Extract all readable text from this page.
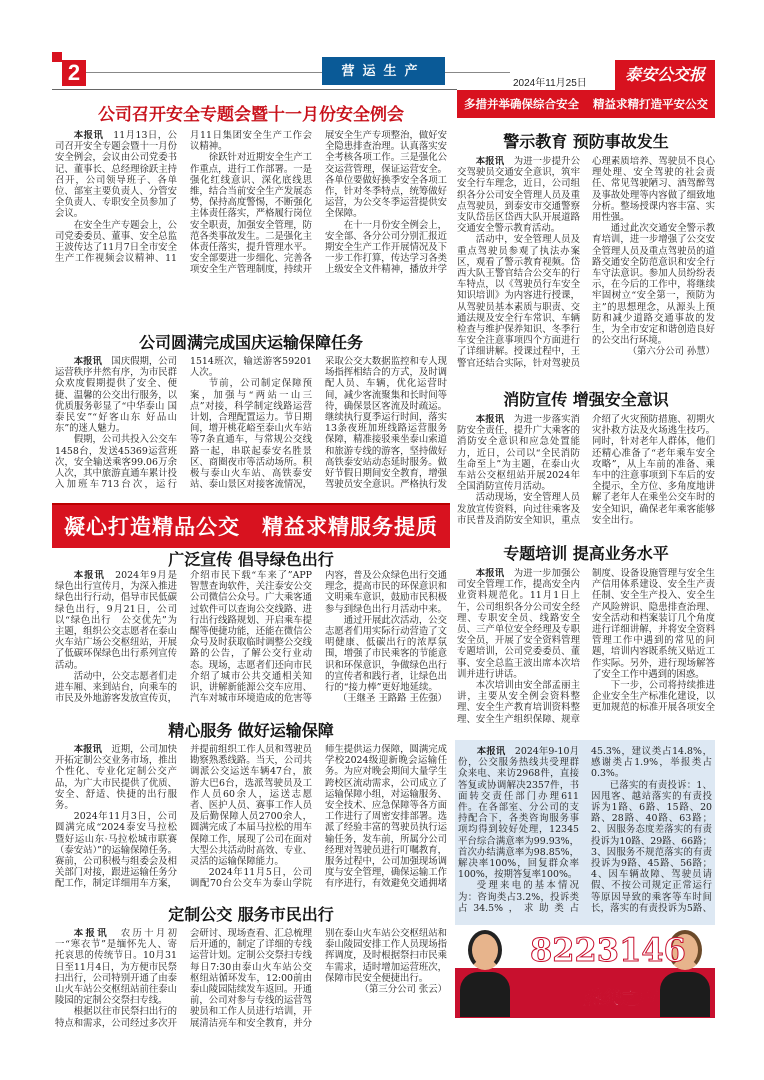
2	营运生产
2024年11月25日	泰安公交报
多措并举确保综合安全 精益求精打造平安公交
凝心打造精品公交　精益求精服务提质
公司召开安全专题会暨十一月份安全例会

本报讯　 11月13日，公司召开安全专题会暨十一月份安全例会，会议由公司党委书记、董事长、总经理徐跃主持召开，公司领导班子、各单位、部室主要负责人、分管安全负责人、专职安全员参加了会议。

在安全生产专题会上，公司党委委员、董事、安全总监王波传达了11月7日全市安全生产工作视频会议精神、11月11日集团安全生产工作会议精神。

徐跃针对近期安全生产工作重点，进行工作部署。一是强化红线意识、深化底线思维，结合当前安全生产发展态势，保持高度警惕，不断强化主体责任落实，严格履行岗位安全职责，加强安全管理，防范各类事故发生。二是强化主体责任落实，提升管理水平。安全部要进一步细化、完善各项安全生产管理制度，持续开展安全生产专项整治，做好安全隐患排查治理。认真落实安全考核各项工作。三是强化公交运营管理，保证运营安全。各单位要做好换季安全各项工作，针对冬季特点，统筹做好运营，为公交冬季运营提供安全保障。

在十一月份安全例会上，安全部、各分公司分别汇报近期安全生产工作开展情况及下一步工作打算，传达学习各类上级安全文件精神，播放并学

公司圆满完成国庆运输保障任务

本报讯　 国庆假期，公司运营秩序井然有序，为市民群众欢度假期提供了安全、便捷、温馨的公交出行服务，以优质服务彰显了“中华泰山 国泰民安”“好客山东 好品山东”的迷人魅力。

假期，公司共投入公交车1458台，发送45369运营班次，安全输送乘客99.06万余人次，其中旅游直通车累计投入加班车713台次，运行1514班次，输送游客59201人次。

节前，公司制定保障预案，加强与“两站一山三点”对接，科学制定线路运营计划，合理配置运力。节日期间，增开桃花峪至泰山火车站等7条直通车，与常规公交线路一起，串联起泰安名胜景区、商圈夜市等活动场所。积极与泰山火车站、高铁泰安站、泰山景区对接客流情况，采取公交大数据监控和专人现场指挥相结合的方式，及时调配人员、车辆，优化运营时间，减少客流聚集和长时间等待，确保景区客流及时疏运。继续执行夏季运行时间，落实13条夜班加班线路运营服务保障，精准接驳乘坐泰山索道和旅游专线的游客，坚持做好高铁泰安站动态延时服务。做好节假日期间安全教育，增强驾驶员安全意识。严格执行发

广泛宣传 倡导绿色出行

本报讯　 2024年9月是绿色出行宣传月，为深入推进绿色出行行动，倡导市民低碳绿色出行，9月21日，公司以“绿色出行　公交优先”为主题，组织公交志愿者在泰山火车站广场公交枢纽站，开展了低碳环保绿色出行系列宣传活动。

活动中，公交志愿者们走进车厢、来到站台，向乘车的市民及外地游客发放宣传页，介绍市民下载“车来了”APP智慧查询软件，关注泰安公交公司微信公众号。广大乘客通过软件可以查询公交线路、进行出行线路规划、开启乘车提醒等便捷功能，还能在微信公众号及时获取临时调整公交线路的公告，了解公交行业动态。现场，志愿者们还向市民介绍了城市公共交通相关知识，讲解新能源公交车应用、汽车对城市环境造成的危害等内容，普及公众绿色出行交通理念，提高市民的环保意识和文明乘车意识，鼓励市民积极参与到绿色出行月活动中来。

通过开展此次活动，公交志愿者们用实际行动营造了文明健康、低碳出行的浓厚氛围，增强了市民乘客的节能意识和环保意识，争做绿色出行的宣传者和践行者，让绿色出行的“接力棒”更好地延续。

（王继圣 王路路 王佐强）

精心服务 做好运输保障

本报讯　 近期，公司加快开拓定制公交业务市场，推出个性化、专业化定制公交产品，为广大市民提供了优质、安全、舒适、快捷的出行服务。

2024年11月3日，公司圆满完成“2024泰安马拉松暨好运山东·马拉松城市联赛（泰安站）”的运输保障任务。赛前，公司积极与组委会及相关部门对接，跟进运输任务分配工作，制定详细用车方案，并提前组织工作人员和驾驶员勘察熟悉线路。当天，公司共调派公交运送车辆47台，旅游大巴6台，选派驾驶员及工作人员60余人，运送志愿者、医护人员、赛事工作人员及后勤保障人员2700余人，圆满完成了本届马拉松的用车保障工作，展现了公司在面对大型公共活动时高效、专业、灵活的运输保障能力。

2024年11月5日，公司调配70台公交车为泰山学院师生提供运力保障，圆满完成学校2024级迎新晚会运输任务。为应对晚会期间大量学生跨校区流动需求，公司成立了运输保障小组，对运输服务、安全技术、应急保障等各方面工作进行了周密安排部署。选派了经验丰富的驾驶员执行运输任务，发车前，所属分公司经理对驾驶员进行叮嘱教育，服务过程中，公司加强现场调度与安全管理，确保运输工作有序进行，有效避免交通拥堵

定制公交 服务市民出行

本报讯　 农历十月初一“寒衣节”是缅怀先人、寄托哀思的传统节日。10月31日至11月4日，为方便市民祭扫出行，公司特别开通了由泰山火车站公交枢纽站前往泰山陵园的定制公交祭扫专线。

根据以往市民祭扫出行的特点和需求，公司经过多次开会研讨、现场查看、汇总梳理后开通的，制定了详细的专线运营计划。定制公交祭扫专线每日7:30由泰山火车站公交枢纽站循环发车，12:00前由泰山陵园陆续发车返回。开通前，公司对参与专线的运营驾驶员和工作人员进行培训，开展清洁亮车和安全教育，并分别在泰山火车站公交枢纽站和泰山陵园安排工作人员现场指挥调度，及时根据祭扫市民乘车需求，适时增加运营班次，保障市民安全便捷出行。

（第三分公司 张云）

警示教育 预防事故发生

本报讯　 为进一步提升公交驾驶员交通安全意识，筑牢安全行车理念，近日，公司组织各分公司安全管理人员及重点驾驶员，到泰安市交通警察支队岱岳区岱西大队开展道路交通安全警示教育活动。

活动中，安全管理人员及重点驾驶员参观了执法办案区，观看了警示教育视频。岱西大队王警官结合公交车的行车特点，以《驾驶员行车安全知识培训》为内容进行授课，从驾驶员基本素质与职责、交通法规及安全行车常识、车辆检查与维护保养知识、冬季行车安全注意事项四个方面进行了详细讲解。授课过程中，王警官还结合实际，针对驾驶员心理素质培养、驾驶员不良心理处理、安全驾驶的社会责任、常见驾驶陋习、酒驾醉驾及事故处理等内容做了细致地分析。整场授课内容丰富、实用性强。

通过此次交通安全警示教育培训，进一步增强了公交安全管理人员及重点驾驶员的道路交通安全防范意识和安全行车守法意识。参加人员纷纷表示，在今后的工作中，将继续牢固树立“安全第一，预防为主”的思想理念，从源头上预防和减少道路交通事故的发生，为全市安定和谐创造良好的公交出行环境。

（第六分公司 孙慧）

消防宣传 增强安全意识

本报讯　 为进一步落实消防安全责任，提升广大乘客的消防安全意识和应急处置能力，近日，公司以“全民消防　生命至上”为主题，在泰山火车站公交枢纽站开展2024年全国消防宣传月活动。

活动现场，安全管理人员发放宣传资料，向过往乘客及市民普及消防安全知识，重点介绍了火灾预防措施、初期火灾扑救方法及火场逃生技巧。同时，针对老年人群体，他们还精心准备了“老年乘车安全攻略”，从上车前的准备、乘车中的注意事项到下车后的安全提示，全方位、多角度地讲解了老年人在乘坐公交车时的安全知识，确保老年乘客能够安全出行。

专题培训 提高业务水平

本报讯　 为进一步加强公司安全管理工作，提高安全内业资料规范化。11月1日上午，公司组织各分公司安全经理、专职安全员、线路安全员、三产单位安全经理及专职安全员，开展了安全资料管理专题培训，公司党委委员、董事、安全总监王波出席本次培训并进行讲话。

本次培训由安全部孟丽主讲，主要从安全例会资料整理、安全生产教育培训资料整理、安全生产组织保障、规章制度、设备设施管理与安全生产信用体系建设、安全生产责任制、安全生产投入、安全生产风险辨识、隐患排查治理、安全活动和档案装订几个角度进行详细讲解，并将安全资料管理工作中遇到的常见的问题，培训内容既系统又贴近工作实际。另外，进行现场解答了安全工作中遇到的困惑。

下一步，公司将持续推进企业安全生产标准化建设，以更加规范的标准开展各项安全

本报讯　 2024年9-10月份，公交服务热线共受理群众来电、来访2968件，直接答复或协调解决2357件，书面转交责任部门办理611件。在各部室、分公司的支持配合下，各类咨询服务事项均得到较好处理，12345平台综合满意率为99.93%，首次办结满意率为98.85%，解决率100%，回复群众率100%，按期答复率100%。

受理来电的基本情况为：咨询类占3.2%，投诉类占34.5%，求助类占45.3%，建议类占14.8%，感谢类占1.9%，举报类占0.3%。

已落实的有责投诉：1、因甩客、越站落实的有责投诉为1路、6路、15路、20路、28路、40路、63路；2、因服务态度差落实的有责投诉为10路、29路、66路；3、因服务不规范落实的有责投诉为9路、45路、56路；4、因车辆故障、驾驶员请假、不按公司规定正常运行等原因导致的乘客等车时间长，落实的有责投诉为5路、

8223146
热线之声
